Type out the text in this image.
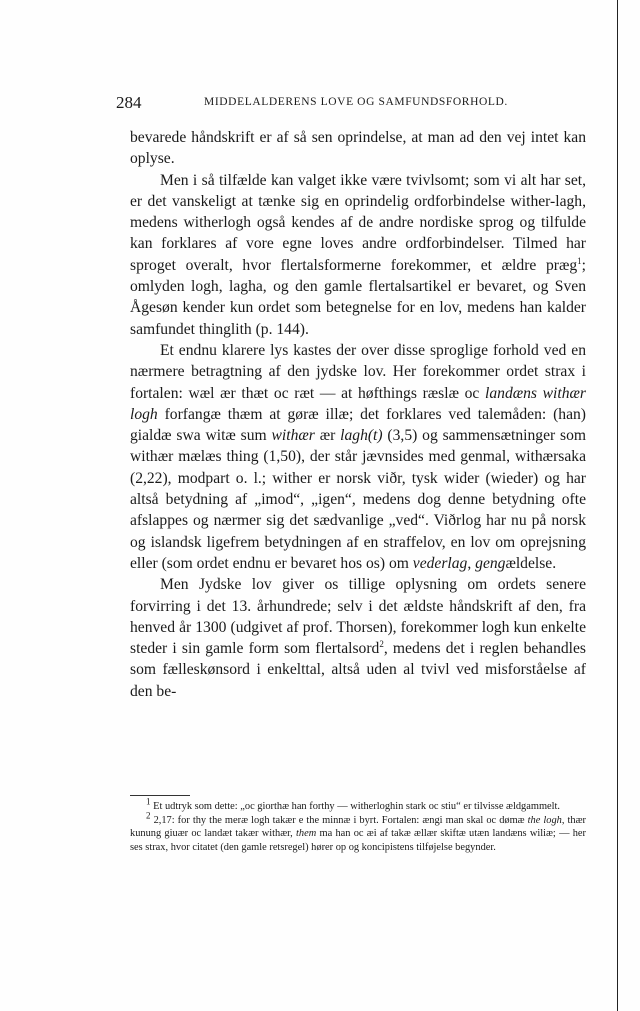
284	MIDDELALDERENS LOVE OG SAMFUNDSFORHOLD.

bevarede håndskrift er af så sen oprindelse, at man ad den vej intet kan oplyse.

Men i så tilfælde kan valget ikke være tvivlsomt; som vi alt har set, er det vanskeligt at tænke sig en oprindelig ordforbindelse wither-lagh, medens witherlogh også kendes af de andre nordiske sprog og tilfulde kan forklares af vore egne loves andre ordforbindelser. Tilmed har sproget overalt, hvor flertalsformerne forekommer, et ældre præg$^1$; omlyden logh, lagha, og den gamle flertalsartikel er bevaret, og Sven Ågesøn kender kun ordet som betegnelse for en lov, medens han kalder samfundet thinglith (p. 144).

Et endnu klarere lys kastes der over disse sproglige forhold ved en nærmere betragtning af den jydske lov. Her forekommer ordet strax i fortalen: wæl ær thæt oc ræt — at høfthings ræslæ oc landæns withær logh forfangæ thæm at gøræ illæ; det forklares ved talemåden: (han) gialdæ swa witæ sum withær ær lagh(t) (3,5) og sammensætninger som withær mælæs thing (1,50), der står jævnsides med genmal, withærsaka (2,22), modpart o. l.; wither er norsk viðr, tysk wider (wieder) og har altså betydning af „imod“, „igen“, medens dog denne betydning ofte afslappes og nærmer sig det sædvanlige „ved“. Viðrlog har nu på norsk og islandsk ligefrem betydningen af en straffelov, en lov om oprejsning eller (som ordet endnu er bevaret hos os) om vederlag, gengældelse.

Men Jydske lov giver os tillige oplysning om ordets senere forvirring i det 13. århundrede; selv i det ældste håndskrift af den, fra henved år 1300 (udgivet af prof. Thorsen), forekommer logh kun enkelte steder i sin gamle form som flertalsord$^2$, medens det i reglen behandles som fælleskønsord i enkelttal, altså uden al tvivl ved misforståelse af den be-

$^1$ Et udtryk som dette: „oc giorthæ han forthy — witherloghin stark oc stiu“ er tilvisse ældgammelt.

$^2$ 2,17: for thy the meræ logh takær e the minnæ i byrt. Fortalen: ængi man skal oc dømæ the logh, thær kunung giuær oc landæt takær withær, them ma han oc æi af takæ ællær skiftæ utæn landæns wiliæ; — her ses strax, hvor citatet (den gamle retsregel) hører op og koncipistens tilføjelse begynder.
